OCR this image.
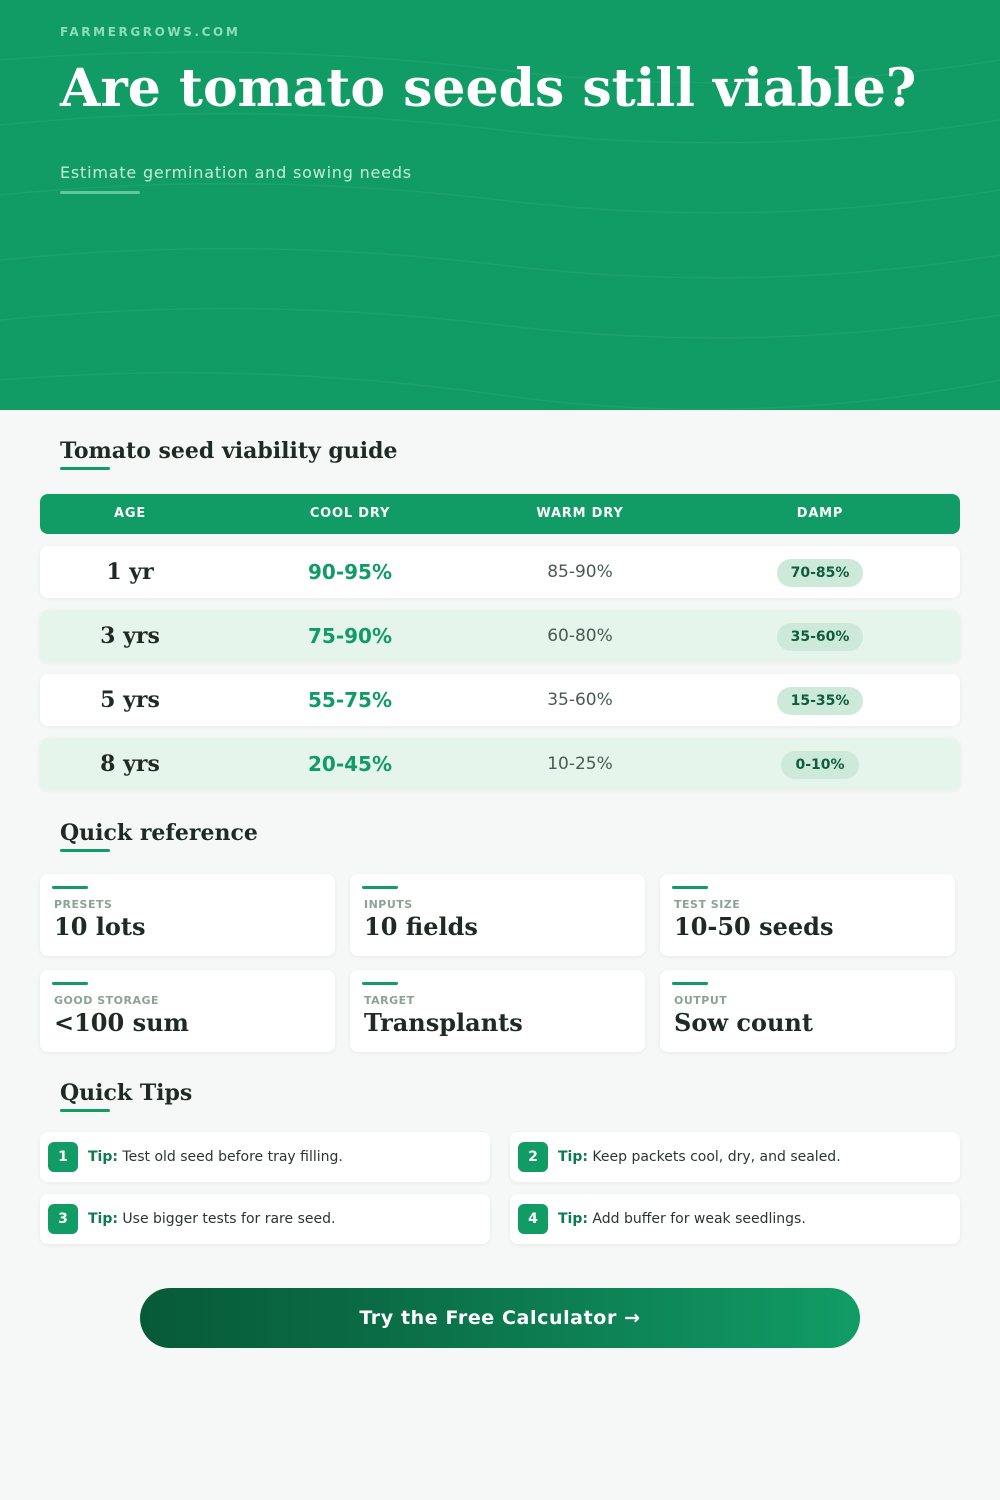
FARMERGROWS.COM
Are tomato seeds still viable?
Estimate germination and sowing needs
Tomato seed viability guide
AGE	COOL DRY	WARM DRY	DAMP
1 yr	90-95%	85-90%	70-85%
3 yrs	75-90%	60-80%	35-60%
5 yrs	55-75%	35-60%	15-35%
8 yrs	20-45%	10-25%	0-10%
Quick reference
PRESETS
10 lots
INPUTS
10 fields
TEST SIZE
10-50 seeds
GOOD STORAGE
<100 sum
TARGET
Transplants
OUTPUT
Sow count
Quick Tips
1	Tip: Test old seed before tray filling.	2	Tip: Keep packets cool, dry, and sealed.
3	Tip: Use bigger tests for rare seed.	4	Tip: Add buffer for weak seedlings.
Try the Free Calculator →
